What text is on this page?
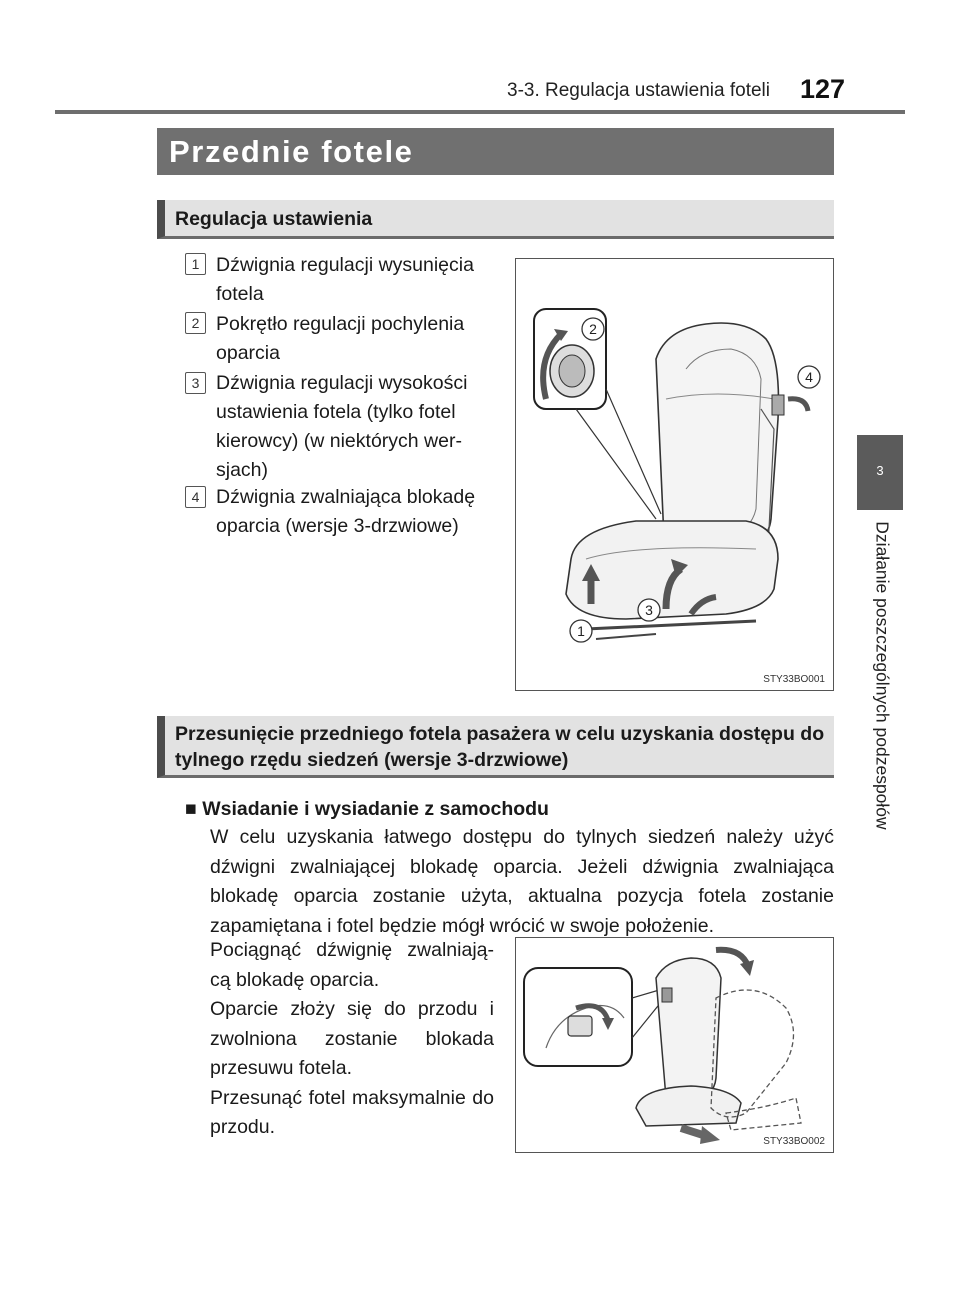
3-3. Regulacja ustawienia foteli 127
3
Działanie poszczególnych podzespołów
Przednie fotele
Regulacja ustawienia
1 Dźwignia regulacji wysunięcia fotela
2 Pokrętło regulacji pochylenia oparcia
3 Dźwignia regulacji wysokości ustawienia fotela (tylko fotel kierowcy) (w niektórych wer- sjach)
4 Dźwignia zwalniająca blokadę oparcia (wersje 3-drzwiowe)
2
4
3
1
STY33BO001
Przesunięcie przedniego fotela pasażera w celu uzyskania dostępu do tylnego rzędu siedzeń (wersje 3-drzwiowe)
■ Wsiadanie i wysiadanie z samochodu
W celu uzyskania łatwego dostępu do tylnych siedzeń należy użyć dźwigni zwalniającej blokadę oparcia. Jeżeli dźwignia zwalniająca blokadę oparcia zostanie użyta, aktualna pozycja fotela zostanie zapamiętana i fotel będzie mógł wrócić w swoje położenie.

Pociągnąć dźwignię zwalniają- cą blokadę oparcia.

Oparcie złoży się do przodu i zwolniona zostanie blokada przesuwu fotela.

Przesunąć fotel maksymalnie do przodu.

STY33BO002
